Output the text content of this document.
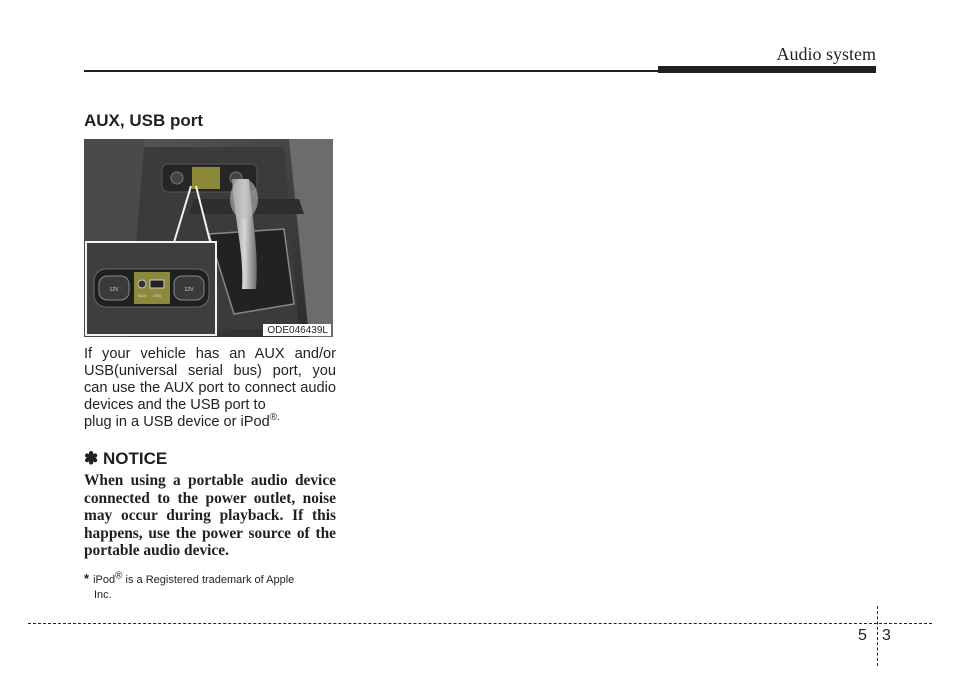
Audio system
AUX, USB port
12V
AUX USB
12V
ODE046439L

If your vehicle has an AUX and/or USB(universal serial bus) port, you can use the AUX port to connect audio devices and the USB port to
plug in a USB device or iPod®.

✽ NOTICE

When using a portable audio device connected to the power outlet, noise may occur during playback. If this happens, use the power source of the portable audio device.

* iPod® is a Registered trademark of Apple
Inc.

5 3
